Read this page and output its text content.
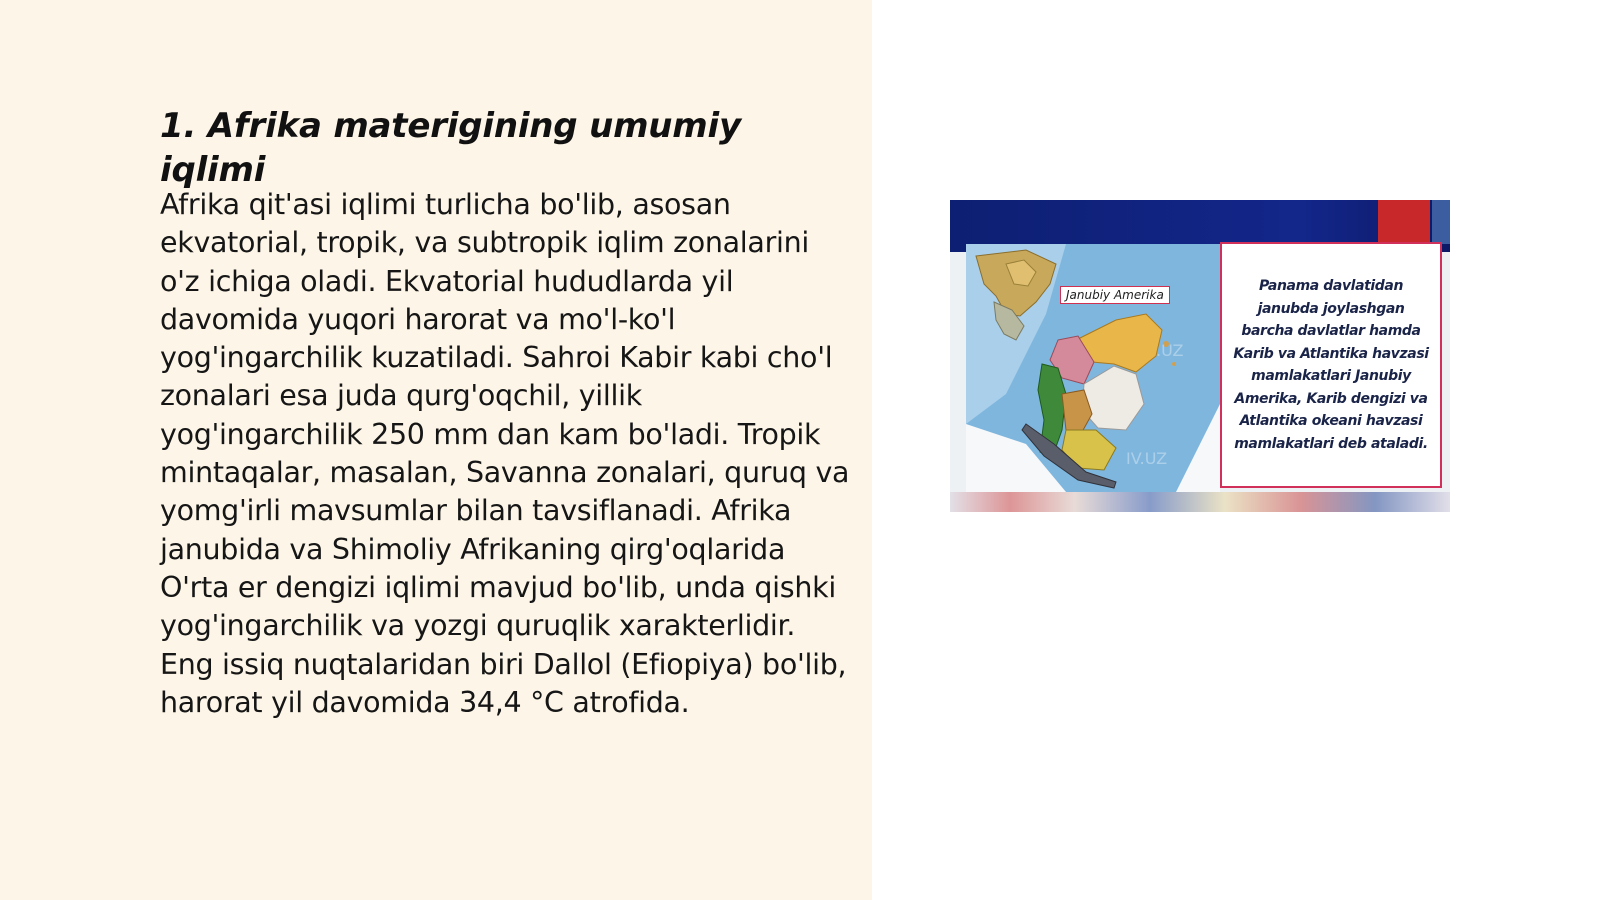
1. Afrika materigining umumiy iqlimi
Afrika qit'asi iqlimi turlicha bo'lib, asosan ekvatorial, tropik, va subtropik iqlim zonalarini o'z ichiga oladi. Ekvatorial hududlarda yil davomida yuqori harorat va mo'l-ko'l yog'ingarchilik kuzatiladi. Sahroi Kabir kabi cho'l zonalari esa juda qurg'oqchil, yillik yog'ingarchilik 250 mm dan kam bo'ladi. Tropik mintaqalar, masalan, Savanna zonalari, quruq va yomg'irli mavsumlar bilan tavsiflanadi. Afrika janubida va Shimoliy Afrikaning qirg'oqlarida O'rta er dengizi iqlimi mavjud bo'lib, unda qishki yog'ingarchilik va yozgi quruqlik xarakterlidir. Eng issiq nuqtalaridan biri Dallol (Efiopiya) bo'lib, harorat yil davomida 34,4 °C atrofida.
.UZ
IV.UZ
Janubiy Amerika
Panama davlatidan janubda joylashgan barcha davlatlar hamda Karib va Atlantika havzasi mamlakatlari Janubiy Amerika, Karib dengizi va Atlantika okeani havzasi mamlakatlari deb ataladi.
